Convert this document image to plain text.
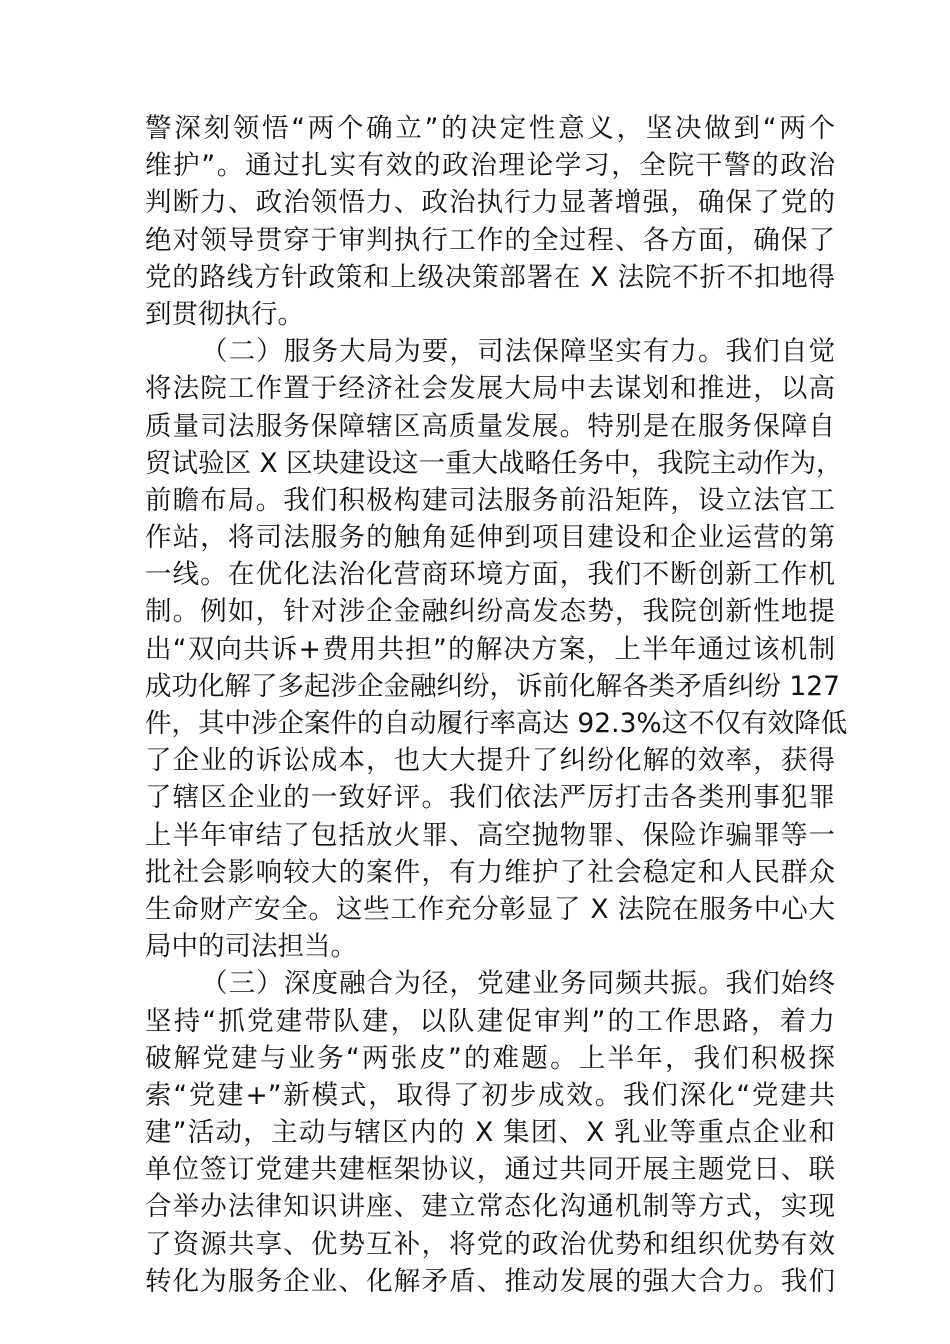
警深刻领悟“两个确立”的决定性意义，坚决做到“两个
维护”。通过扎实有效的政治理论学习，全院干警的政治
判断力、政治领悟力、政治执行力显著增强，确保了党的
绝对领导贯穿于审判执行工作的全过程、各方面，确保了
党的路线方针政策和上级决策部署在 X 法院不折不扣地得
到贯彻执行。
（二）服务大局为要，司法保障坚实有力。我们自觉
将法院工作置于经济社会发展大局中去谋划和推进，以高
质量司法服务保障辖区高质量发展。特别是在服务保障自
贸试验区 X 区块建设这一重大战略任务中，我院主动作为，
前瞻布局。我们积极构建司法服务前沿矩阵，设立法官工
作站，将司法服务的触角延伸到项目建设和企业运营的第
一线。在优化法治化营商环境方面，我们不断创新工作机
制。例如，针对涉企金融纠纷高发态势，我院创新性地提
出“双向共诉+费用共担”的解决方案，上半年通过该机制
成功化解了多起涉企金融纠纷，诉前化解各类矛盾纠纷 127
件，其中涉企案件的自动履行率高达 92.3%这不仅有效降低
了企业的诉讼成本，也大大提升了纠纷化解的效率，获得
了辖区企业的一致好评。我们依法严厉打击各类刑事犯罪
上半年审结了包括放火罪、高空抛物罪、保险诈骗罪等一
批社会影响较大的案件，有力维护了社会稳定和人民群众
生命财产安全。这些工作充分彰显了 X 法院在服务中心大
局中的司法担当。
（三）深度融合为径，党建业务同频共振。我们始终
坚持“抓党建带队建，以队建促审判”的工作思路，着力
破解党建与业务“两张皮”的难题。上半年，我们积极探
索“党建+”新模式，取得了初步成效。我们深化“党建共
建”活动，主动与辖区内的 X 集团、X 乳业等重点企业和
单位签订党建共建框架协议，通过共同开展主题党日、联
合举办法律知识讲座、建立常态化沟通机制等方式，实现
了资源共享、优势互补，将党的政治优势和组织优势有效
转化为服务企业、化解矛盾、推动发展的强大合力。我们
